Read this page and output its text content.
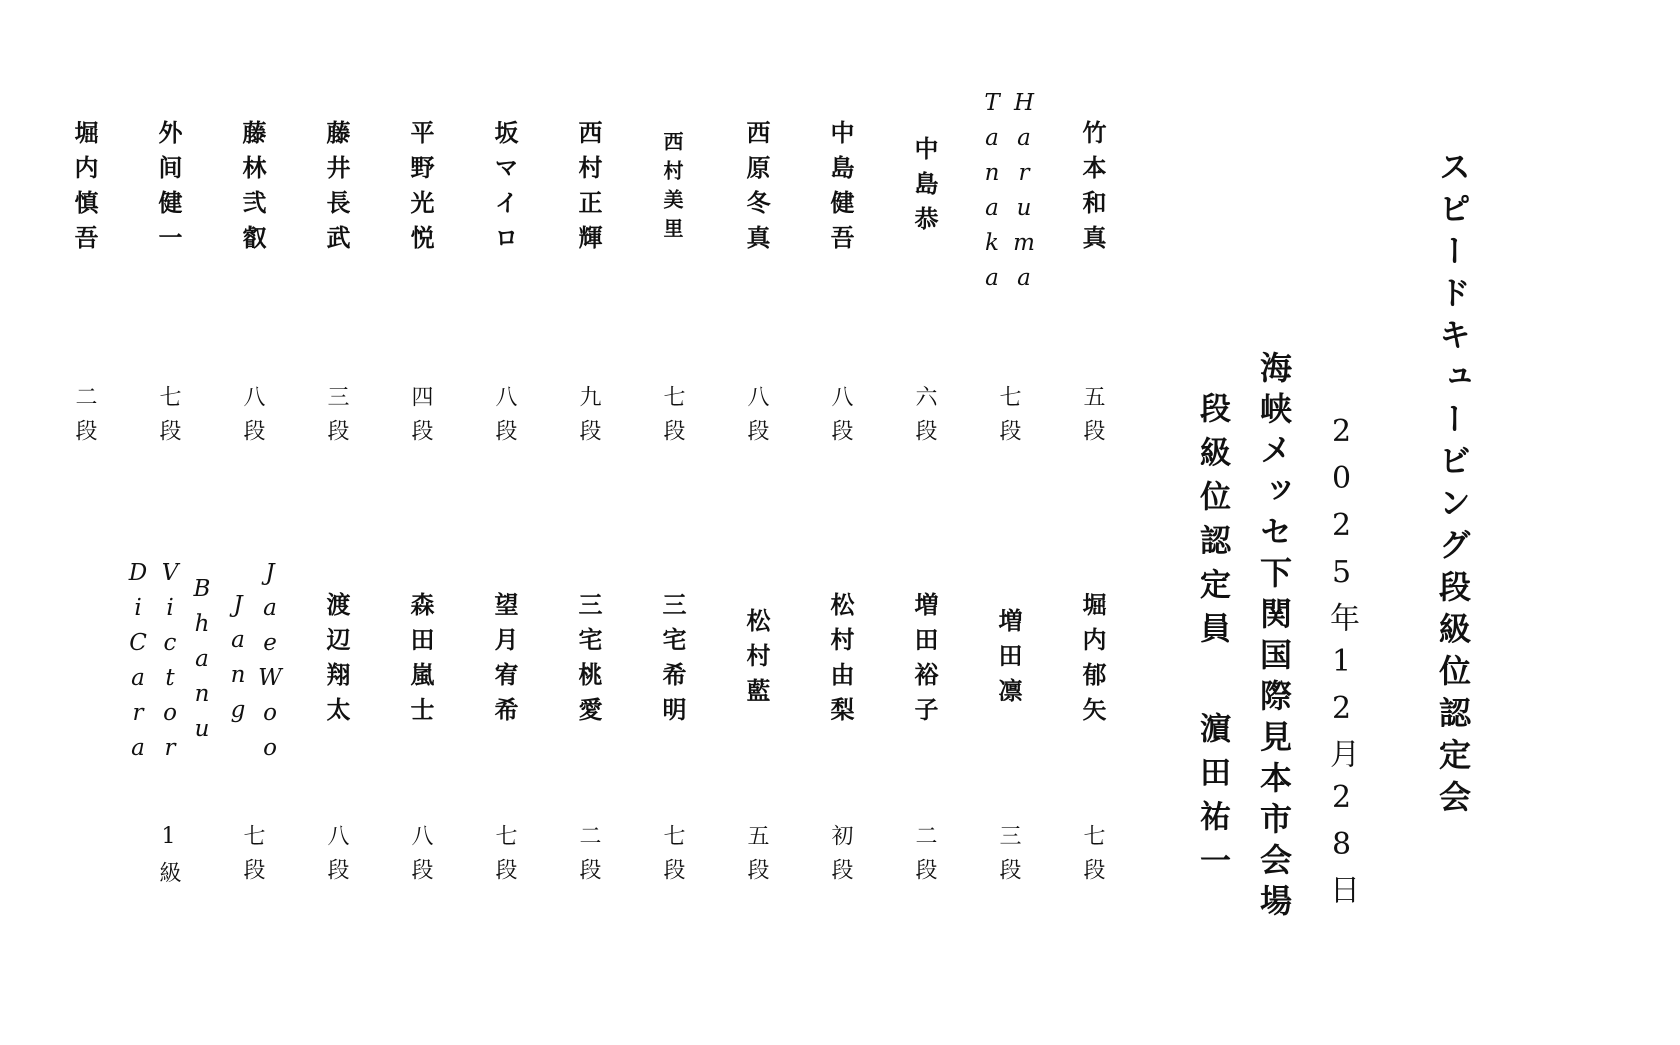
スピードキュービング段級位認定会
2025年12月28日
海峡メッセ下関国際見本市会場
段級位認定員
濵田祐一
竹本和真
Haruma
Tanaka
中島恭
中島健吾
西原冬真
西村美里
西村正輝
坂マイロ
平野光悦
藤井長武
藤林弐叡
外间健一
堀内慎吾
五段
七段
六段
八段
八段
七段
九段
八段
四段
三段
八段
七段
二段
堀内郁矢
増田凛
増田裕子
松村由梨
松村藍
三宅希明
三宅桃愛
望月宥希
森田嵐士
渡辺翔太
JaeWoo
Jang
Bhanu
Victor
DiCara
七段
三段
二段
初段
五段
七段
二段
七段
八段
八段
七段
1級
